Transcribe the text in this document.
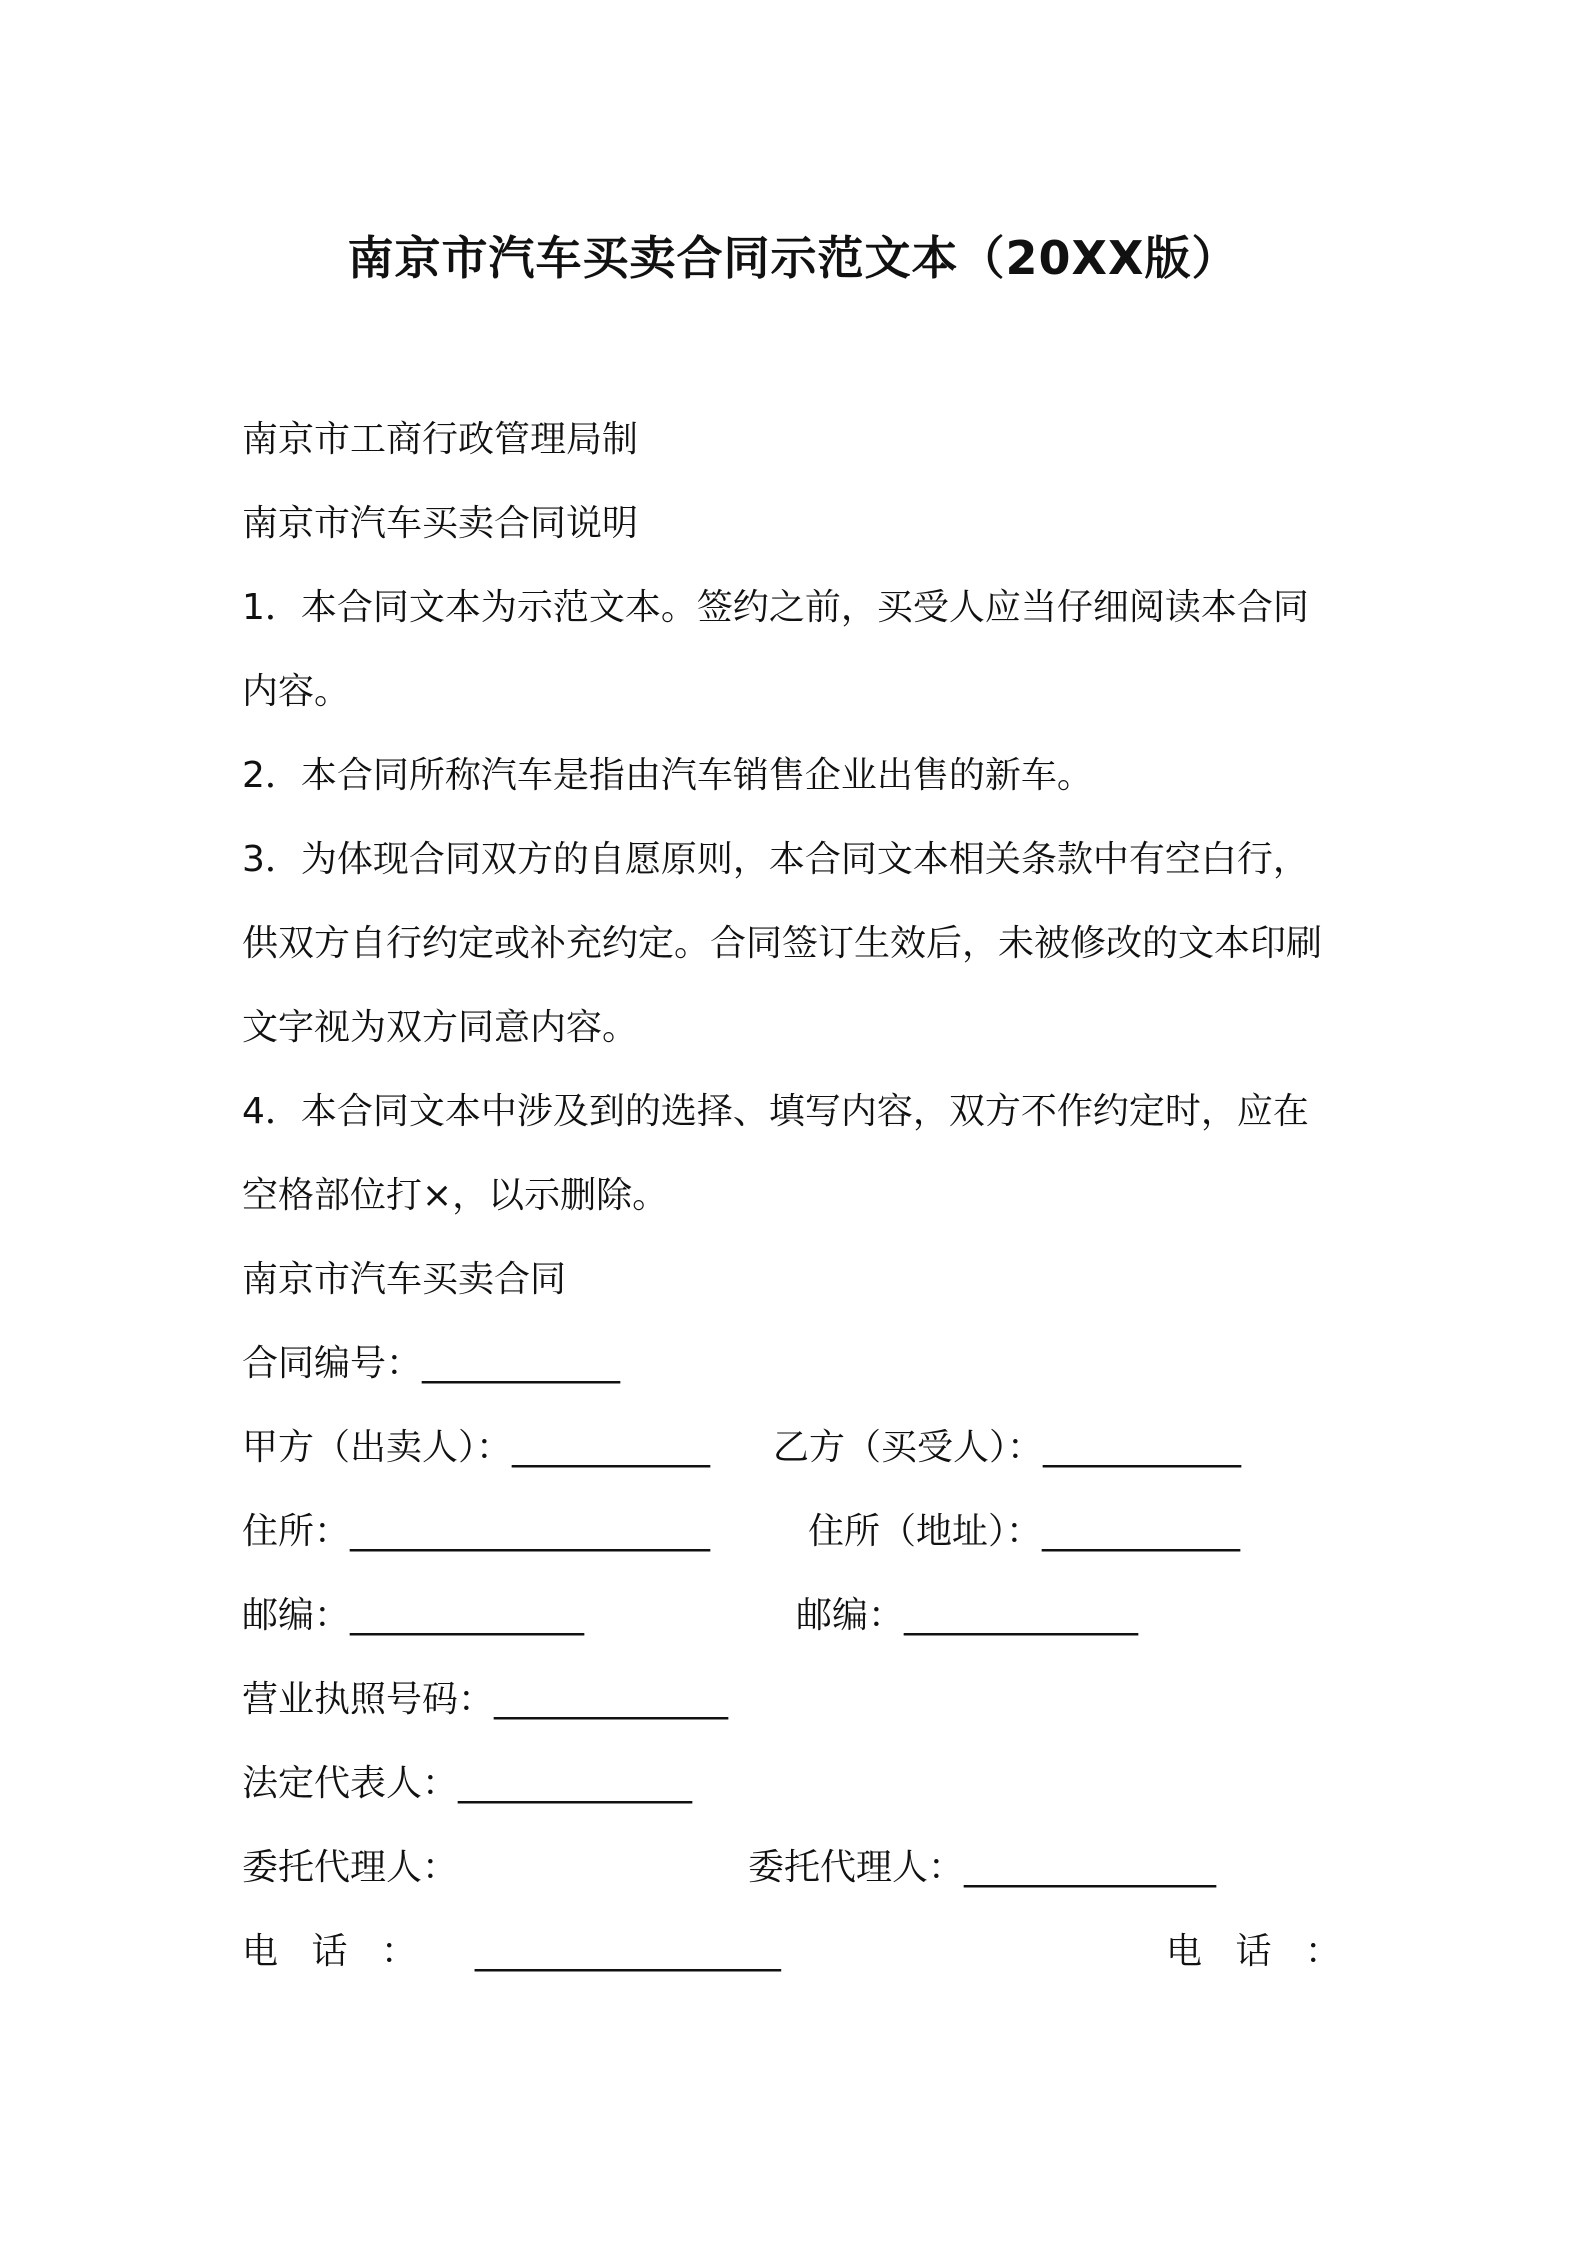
南京市汽车买卖合同示范文本（20XX版）
南京市工商行政管理局制
南京市汽车买卖合同说明
1．本合同文本为示范文本。签约之前，买受人应当仔细阅读本合同
内容。
2．本合同所称汽车是指由汽车销售企业出售的新车。
3．为体现合同双方的自愿原则，本合同文本相关条款中有空白行，
供双方自行约定或补充约定。合同签订生效后，未被修改的文本印刷
文字视为双方同意内容。
4．本合同文本中涉及到的选择、填写内容，双方不作约定时，应在
空格部位打×，以示删除。
南京市汽车买卖合同
合同编号：___________
甲方（出卖人）：___________ 乙方（买受人）：___________
住所：____________________	住所（地址）：___________
邮编：_____________	邮编：_____________
营业执照号码：_____________
法定代表人：_____________
委托代理人：	委托代理人：______________
电 话 ： _________________	电 话 ：
